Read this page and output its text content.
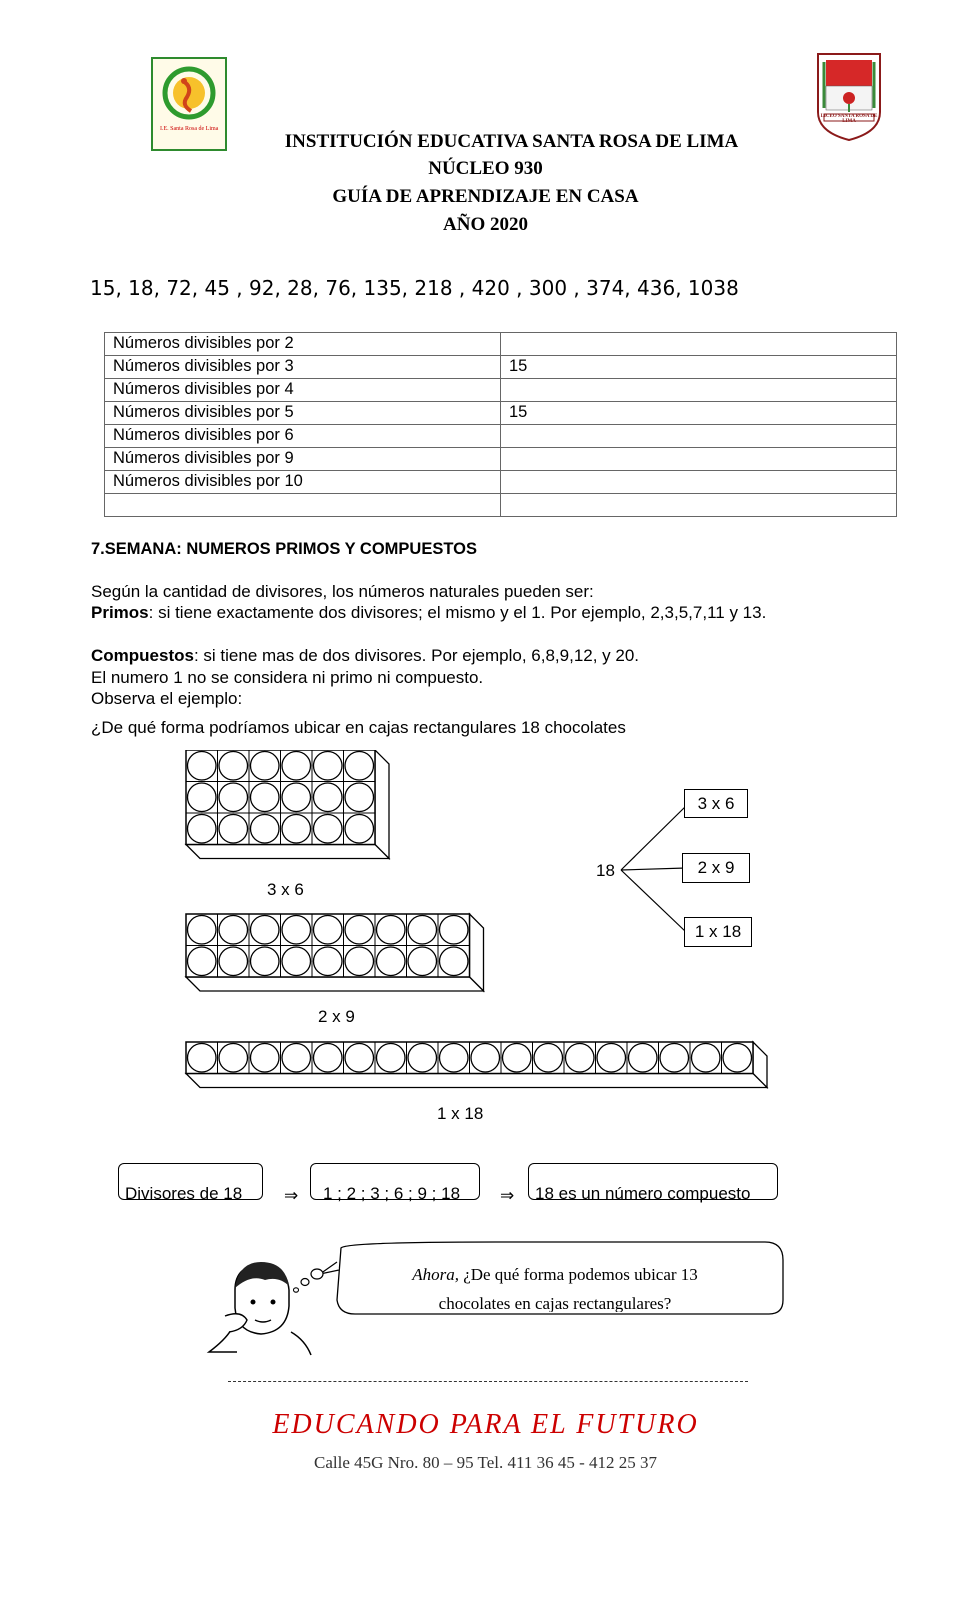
I.E. Santa Rosa de Lima
LICEO SANTA ROSA DE LIMA
INSTITUCIÓN EDUCATIVA SANTA ROSA DE LIMA
NÚCLEO 930
GUÍA DE APRENDIZAJE EN CASA
AÑO 2020
15, 18, 72, 45 , 92, 28, 76, 135, 218 , 420 , 300 , 374, 436, 1038
Números divisibles por 2	
Números divisibles por 3	15
Números divisibles por 4	
Números divisibles por 5	15
Números divisibles por 6	
Números divisibles por 9	
Números divisibles por 10	

7.SEMANA: NUMEROS PRIMOS Y COMPUESTOS
Según la cantidad de divisores, los números naturales pueden ser:
Primos: si tiene exactamente dos divisores; el mismo y el 1. Por ejemplo, 2,3,5,7,11 y 13.
Compuestos: si tiene mas de dos divisores. Por ejemplo, 6,8,9,12, y 20.
El numero 1 no se considera ni primo ni compuesto.
Observa el ejemplo:
¿De qué forma podríamos ubicar en cajas rectangulares 18 chocolates
3 x 6
2 x 9
1 x 18
18
3 x 6
2 x 9
1 x 18
Divisores de 18 ⇒ 1 ; 2 ; 3 ; 6 ; 9 ; 18 ⇒ 18 es un número compuesto
Ahora, ¿De qué forma podemos ubicar 13
chocolates en cajas rectangulares?
EDUCANDO PARA EL FUTURO
Calle 45G Nro. 80 – 95 Tel. 411 36 45 - 412 25 37
